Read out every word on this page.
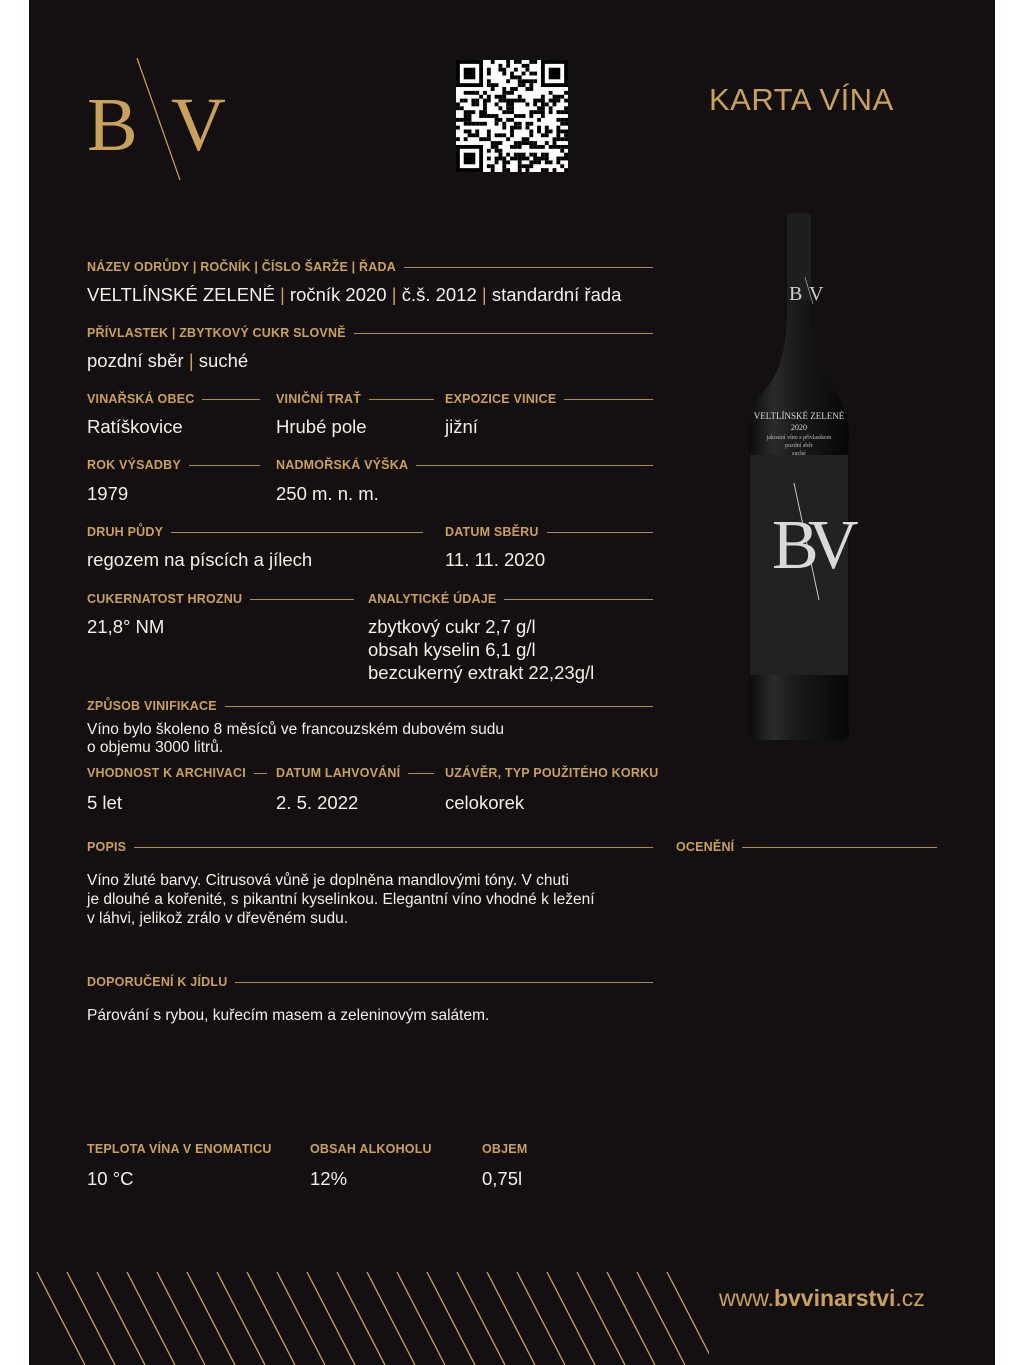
B V	KARTA VÍNA
B V
B
V
VELTLÍNSKÉ ZELENÉ
2020
jakostní víno s přívlastkem
pozdní sběr
suché
NÁZEV ODRŮDY | ROČNÍK | ČÍSLO ŠARŽE | ŘADA
VELTLÍNSKÉ ZELENÉ | ročník 2020 | č.š. 2012 | standardní řada
PŘÍVLASTEK | ZBYTKOVÝ CUKR SLOVNĚ
pozdní sběr | suché
VINAŘSKÁ OBEC
Ratíškovice
VINIČNÍ TRAŤ
Hrubé pole
EXPOZICE VINICE
jižní
ROK VÝSADBY
1979
NADMOŘSKÁ VÝŠKA
250 m. n. m.
DRUH PŮDY
regozem na píscích a jílech
DATUM SBĚRU
11. 11. 2020
CUKERNATOST HROZNU
21,8° NM
ANALYTICKÉ ÚDAJE
zbytkový cukr 2,7 g/l
obsah kyselin 6,1 g/l
bezcukerný extrakt 22,23g/l
ZPŮSOB VINIFIKACE
Víno bylo školeno 8 měsíců ve francouzském dubovém sudu
o objemu 3000 litrů.
VHODNOST K ARCHIVACI
5 let
DATUM LAHVOVÁNÍ
2. 5. 2022
UZÁVĚR, TYP POUŽITÉHO KORKU
celokorek
POPIS	OCENĚNÍ
Víno žluté barvy. Citrusová vůně je doplněna mandlovými tóny. V chuti
je dlouhé a kořenité, s pikantní kyselinkou. Elegantní víno vhodné k ležení
v láhvi, jelikož zrálo v dřevěném sudu.
DOPORUČENÍ K JÍDLU
Párování s rybou, kuřecím masem a zeleninovým salátem.
TEPLOTA VÍNA V ENOMATICU
10 °C
OBSAH ALKOHOLU
12%
OBJEM
0,75l
www.bvvinarstvi.cz
